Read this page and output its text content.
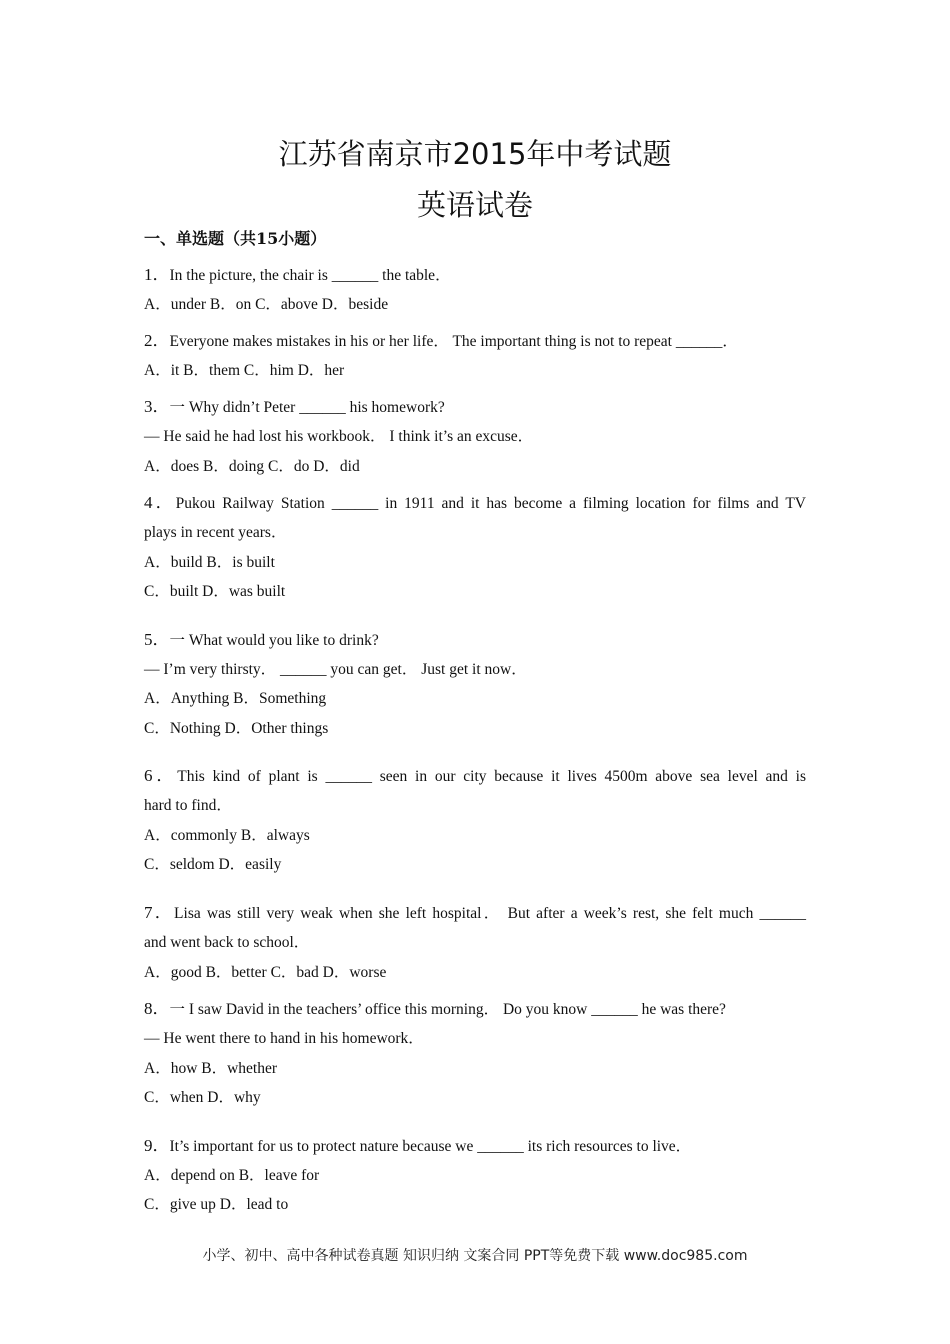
江苏省南京市2015年中考试题
英语试卷
一、单选题（共15小题）
1．In the picture, the chair is ______ the table．
A．under B．on C．above D．beside
2．Everyone makes mistakes in his or her life． The important thing is not to repeat ______．
A．it B．them C．him D．her
3．一 Why didn’t Peter ______ his homework?
— He said he had lost his workbook． I think it’s an excuse．
A．does B．doing C．do D．did
4．Pukou Railway Station ______ in 1911 and it has become a filming location for films and TV
plays in recent years．
A．build B．is built
C．built D．was built
5．一 What would you like to drink?
— I’m very thirsty． ______ you can get． Just get it now．
A．Anything B．Something
C．Nothing D．Other things
6．This kind of plant is ______ seen in our city because it lives 4500m above sea level and is
hard to find．
A．commonly B．always
C．seldom D．easily
7．Lisa was still very weak when she left hospital． But after a week’s rest, she felt much ______
and went back to school．
A．good B．better C．bad D．worse
8．一 I saw David in the teachers’ office this morning． Do you know ______ he was there?
— He went there to hand in his homework．
A．how B．whether
C．when D．why
9．It’s important for us to protect nature because we ______ its rich resources to live．
A．depend on B．leave for
C．give up D．lead to
小学、初中、高中各种试卷真题 知识归纳 文案合同 PPT等免费下载 www.doc985.com
